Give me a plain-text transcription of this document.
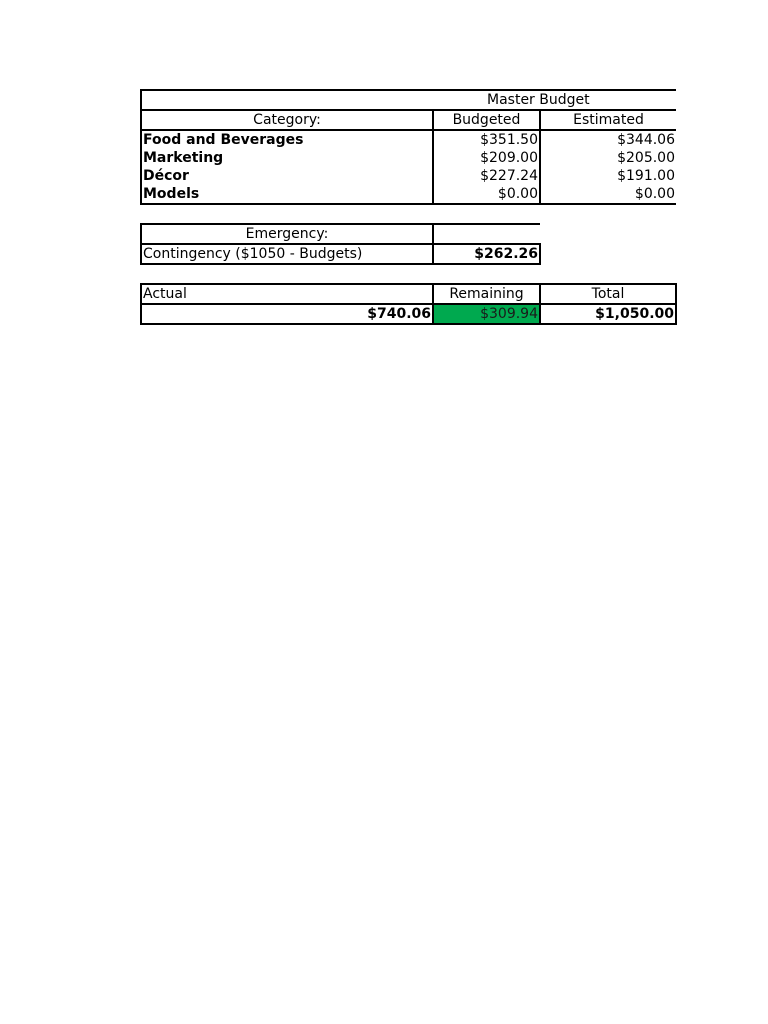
	Master Budget	
Category:	Budgeted	Estimated
Food and Beverages	$351.50	$344.06
Marketing	$209.00	$205.00
Décor	$227.24	$191.00
Models	$0.00	$0.00

Emergency:		
Contingency ($1050 - Budgets)	$262.26	

Actual	Remaining	Total
$740.06	$309.94	$1,050.00
